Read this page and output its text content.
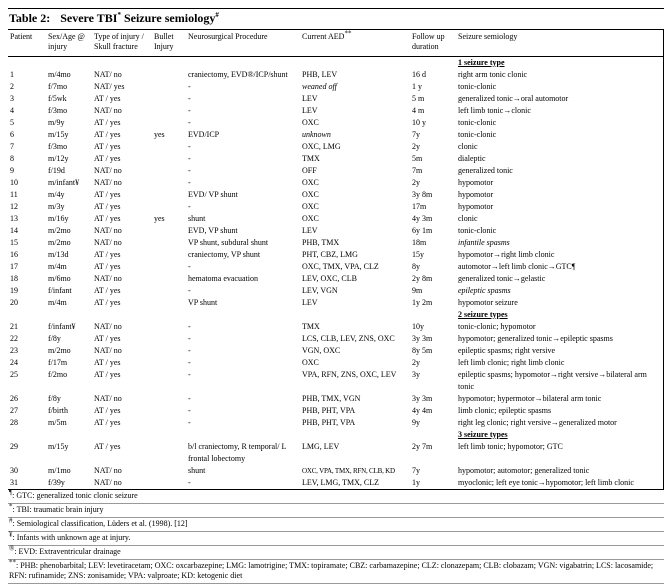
Table 2: Severe TBI* Seizure semiology#
Patient	Sex/Age @ injury	Type of injury / Skull fracture	Bullet Injury	Neurosurgical Procedure	Current AED**	Follow up duration	Seizure semiology
							1 seizure type
1	m/4mo	NAT/ no		craniectomy, EVD®/ICP/shunt	PHB, LEV	16 d	right arm tonic clonic
2	f/7mo	NAT/ yes		-	weaned off	1 y	tonic-clonic
3	f/5wk	AT / yes		-	LEV	5 m	generalized tonic→oral automotor
4	f/3mo	NAT/ no		-	LEV	4 m	left limb tonic→clonic
5	m/9y	AT / yes		-	OXC	10 y	tonic-clonic
6	m/15y	AT / yes	yes	EVD/ICP	unknown	7y	tonic-clonic
7	f/3mo	AT / yes		-	OXC, LMG	2y	clonic
8	m/12y	AT / yes		-	TMX	5m	dialeptic
9	f/19d	NAT/ no		-	OFF	7m	generalized tonic
10	m/infant¥	NAT/ no		-	OXC	2y	hypomotor
11	m/4y	AT / yes		EVD/ VP shunt	OXC	3y 8m	hypomotor
12	m/3y	AT / yes		-	OXC	17m	hypomotor
13	m/16y	AT / yes	yes	shunt	OXC	4y 3m	clonic
14	m/2mo	NAT/ no		EVD, VP shunt	LEV	6y 1m	tonic-clonic
15	m/2mo	NAT/ no		VP shunt, subdural shunt	PHB, TMX	18m	infantile spasms
16	m/13d	AT / yes		craniectomy, VP shunt	PHT, CBZ, LMG	15y	hypomotor→right limb clonic
17	m/4m	AT / yes		-	OXC, TMX, VPA, CLZ	8y	automotor→left limb clonic→GTC¶
18	m/6mo	NAT/ no		hematoma evacuation	LEV, OXC, CLB	2y 8m	generalized tonic→gelastic
19	f/infant	AT / yes		-	LEV, VGN	9m	epileptic spasms
20	m/4m	AT / yes		VP shunt	LEV	1y 2m	hypomotor seizure
							2 seizure types
21	f/infant¥	NAT/ no		-	TMX	10y	tonic-clonic; hypomotor
22	f/8y	AT / yes		-	LCS, CLB, LEV, ZNS, OXC	3y 3m	hypomotor; generalized tonic→epileptic spasms
23	m/2mo	NAT/ no		-	VGN, OXC	8y 5m	epileptic spasms; right versive
24	f/17m	AT / yes		-	OXC	2y	left limb clonic; right limb clonic
25	f/2mo	AT / yes		-	VPA, RFN, ZNS, OXC, LEV	3y	epileptic spasms; hypomotor→right versive→bilateral arm tonic
26	f/8y	NAT/ no		-	PHB, TMX, VGN	3y 3m	hypomotor; hypermotor→bilateral arm tonic
27	f/birth	AT / yes		-	PHB, PHT, VPA	4y 4m	limb clonic; epileptic spasms
28	m/5m	AT / yes		-	PHB, PHT, VPA	9y	right leg clonic; right versive→generalized motor
							3 seizure types
29	m/15y	AT / yes		b/l craniectomy, R temporal/ L frontal lobectomy	LMG, LEV	2y 7m	left limb tonic; hypomotor; GTC
30	m/1mo	NAT/ no		shunt	OXC, VPA, TMX, RFN, CLB, KD	7y	hypomotor; automotor; generalized tonic
31	f/39y	NAT/ no		-	LEV, LMG, TMX, CLZ	1y	myoclonic; left eye tonic→hypomotor; left limb clonic
¶: GTC: generalized tonic clonic seizure
*: TBI: traumatic brain injury
#: Semiological classification, Lüders et al. (1998). [12]
¥: Infants with unknown age at injury.
®: EVD: Extraventricular drainage
**: PHB: phenobarbital; LEV: levetiracetam; OXC: oxcarbazepine; LMG: lamotrigine; TMX: topiramate; CBZ: carbamazepine; CLZ: clonazepam; CLB: clobazam; VGN: vigabatrin; LCS: lacosamide; RFN: rufinamide; ZNS: zonisamide; VPA: valproate; KD: ketogenic diet
